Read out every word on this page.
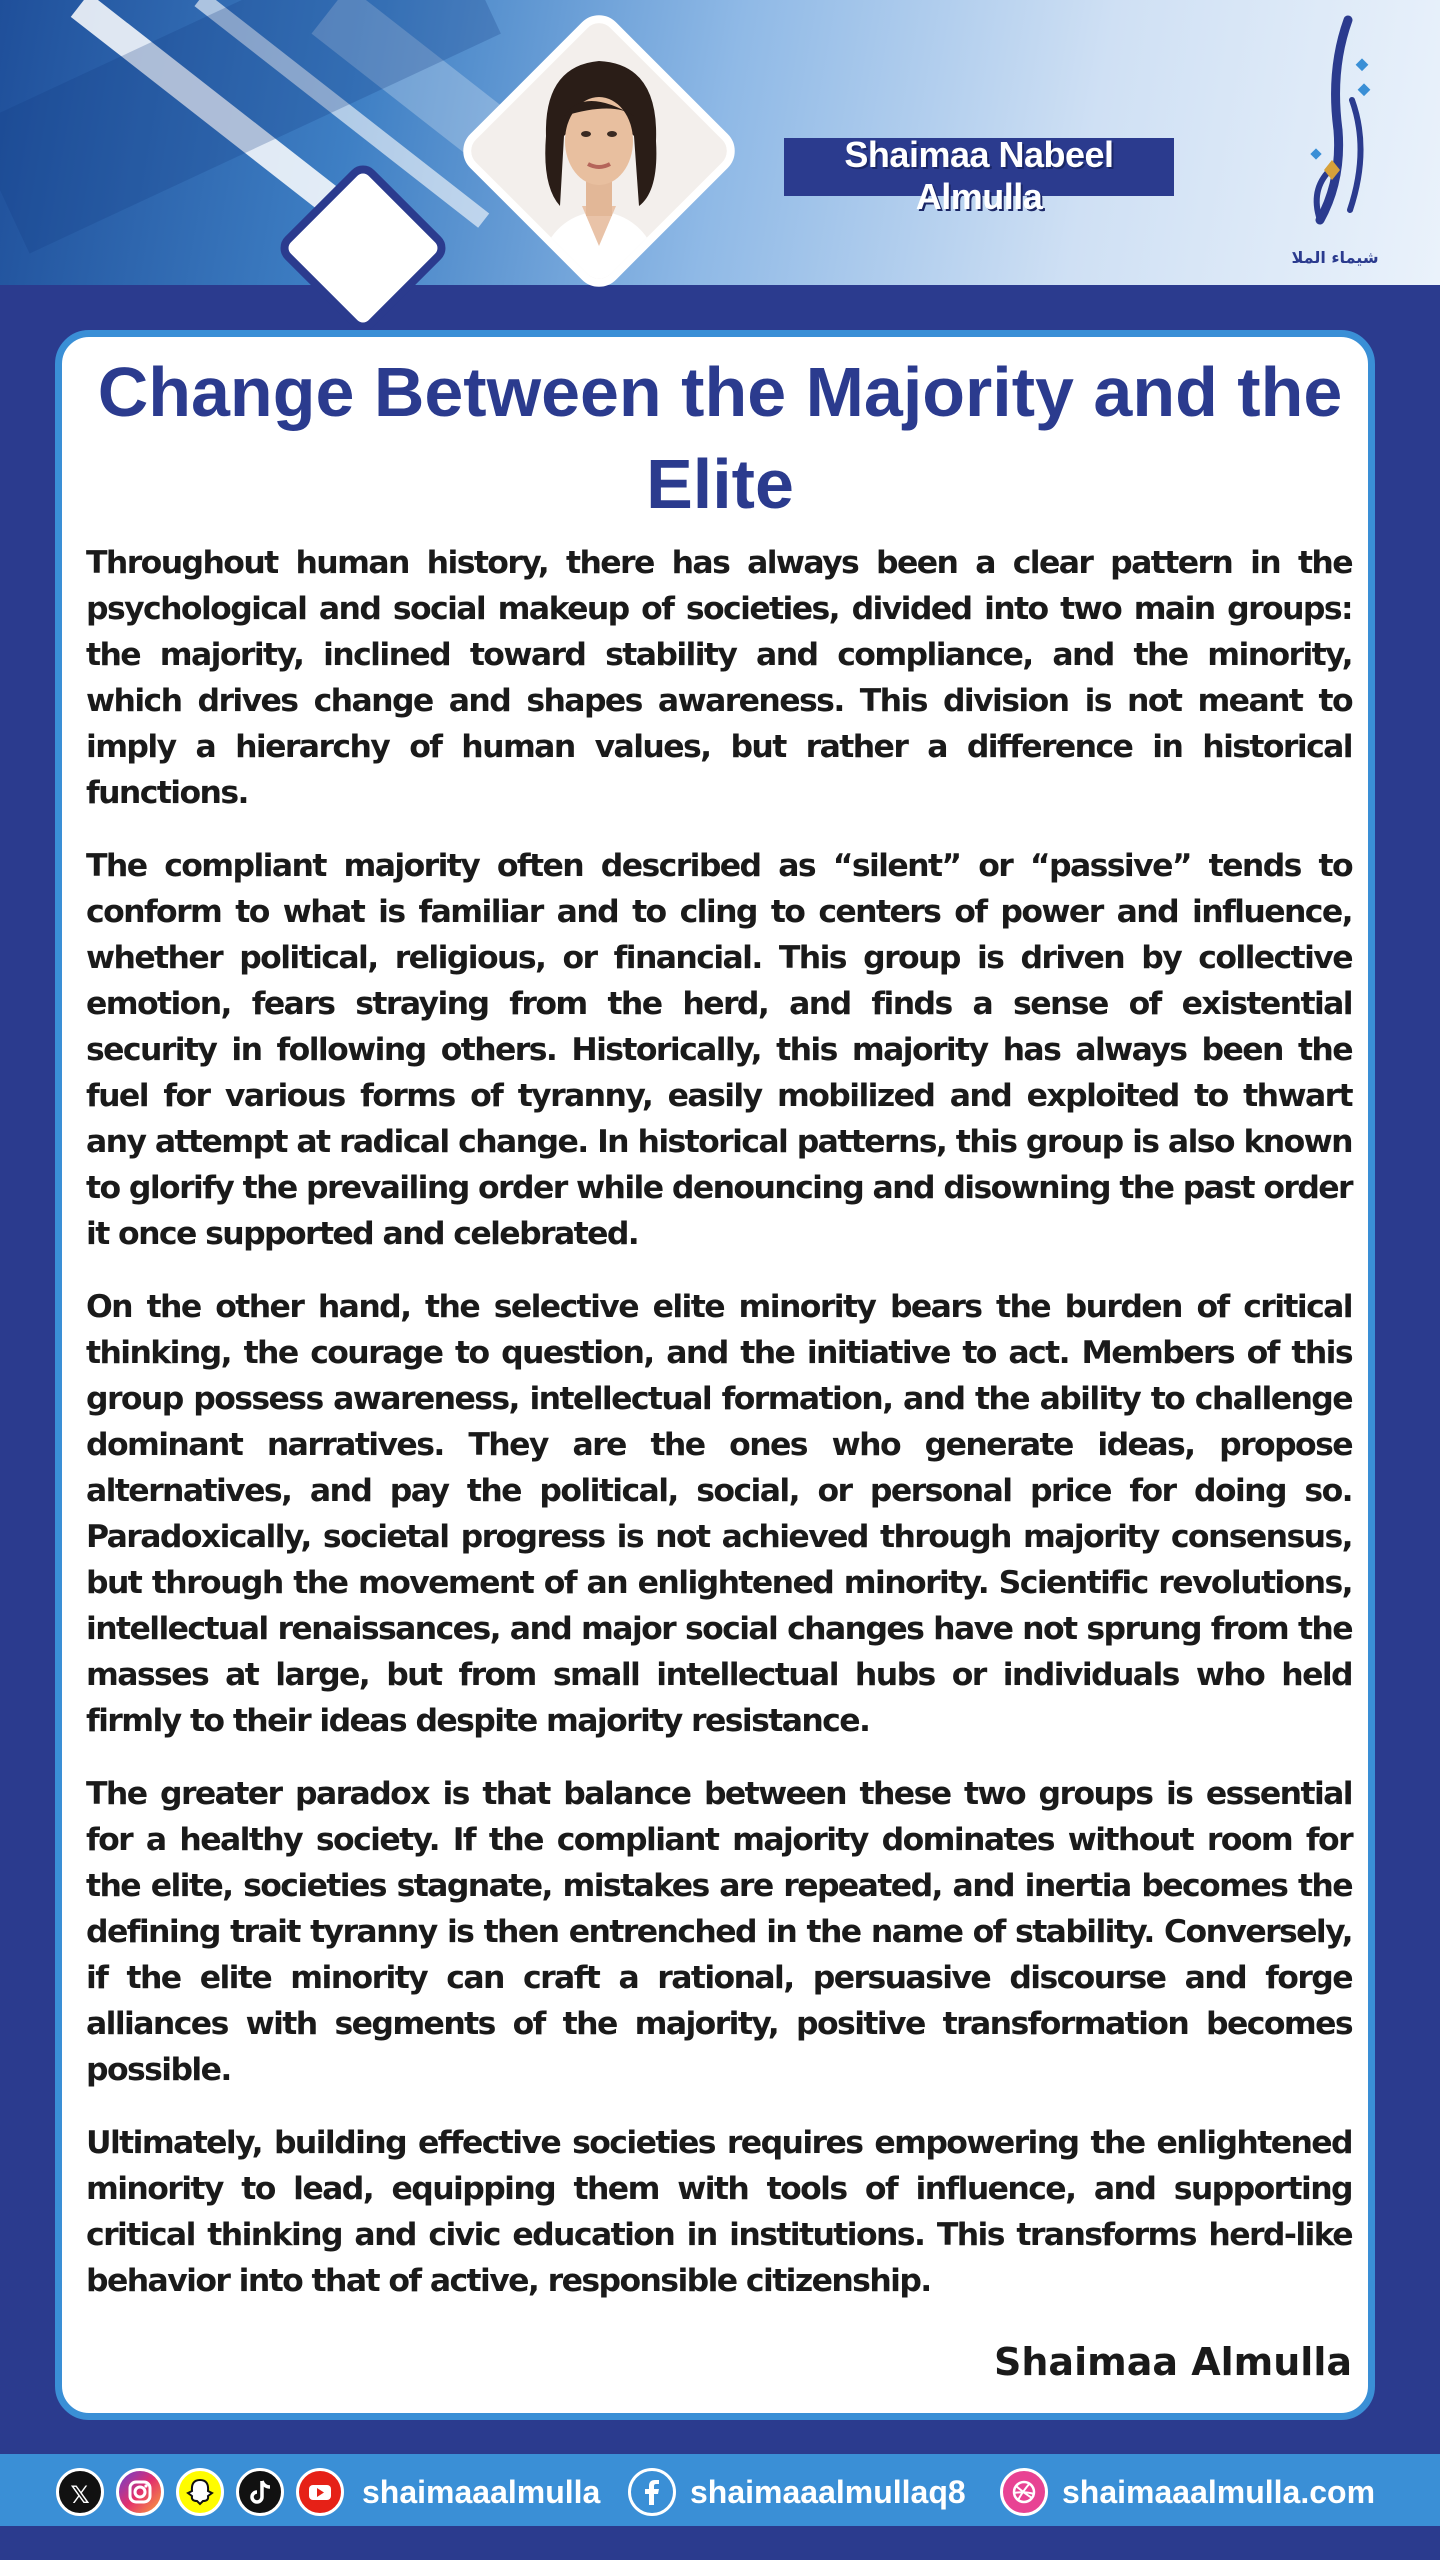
Shaimaa Nabeel Almulla
شيماء الملا
Change Between the Majority and the Elite

Throughout human history, there has always been a clear pattern in the psychological and social makeup of societies, divided into two main groups: the majority, inclined toward stability and compliance, and the minority, which drives change and shapes awareness. This division is not meant to imply a hierarchy of human values, but rather a difference in historical functions.

The compliant majority often described as “silent” or “passive” tends to conform to what is familiar and to cling to centers of power and influence, whether political, religious, or financial. This group is driven by collective emotion, fears straying from the herd, and finds a sense of existential security in following others. Historically, this majority has always been the fuel for various forms of tyranny, easily mobilized and exploited to thwart any attempt at radical change. In historical patterns, this group is also known to glorify the prevailing order while denouncing and disowning the past order it once supported and celebrated.

On the other hand, the selective elite minority bears the burden of critical thinking, the courage to question, and the initiative to act. Members of this group possess awareness, intellectual formation, and the ability to challenge dominant narratives. They are the ones who generate ideas, propose alternatives, and pay the political, social, or personal price for doing so. Paradoxically, societal progress is not achieved through majority consensus, but through the movement of an enlightened minority. Scientific revolutions, intellectual renaissances, and major social changes have not sprung from the masses at large, but from small intellectual hubs or individuals who held firmly to their ideas despite majority resistance.

The greater paradox is that balance between these two groups is essential for a healthy society. If the compliant majority dominates without room for the elite, societies stagnate, mistakes are repeated, and inertia becomes the defining trait tyranny is then entrenched in the name of stability. Conversely, if the elite minority can craft a rational, persuasive discourse and forge alliances with segments of the majority, positive transformation becomes possible.

Ultimately, building effective societies requires empowering the enlightened minority to lead, equipping them with tools of influence, and supporting critical thinking and civic education in institutions. This transforms herd-like behavior into that of active, responsible citizenship.

Shaimaa Almulla
𝕏	shaimaaalmulla	shaimaaalmullaq8	shaimaaalmulla.com
